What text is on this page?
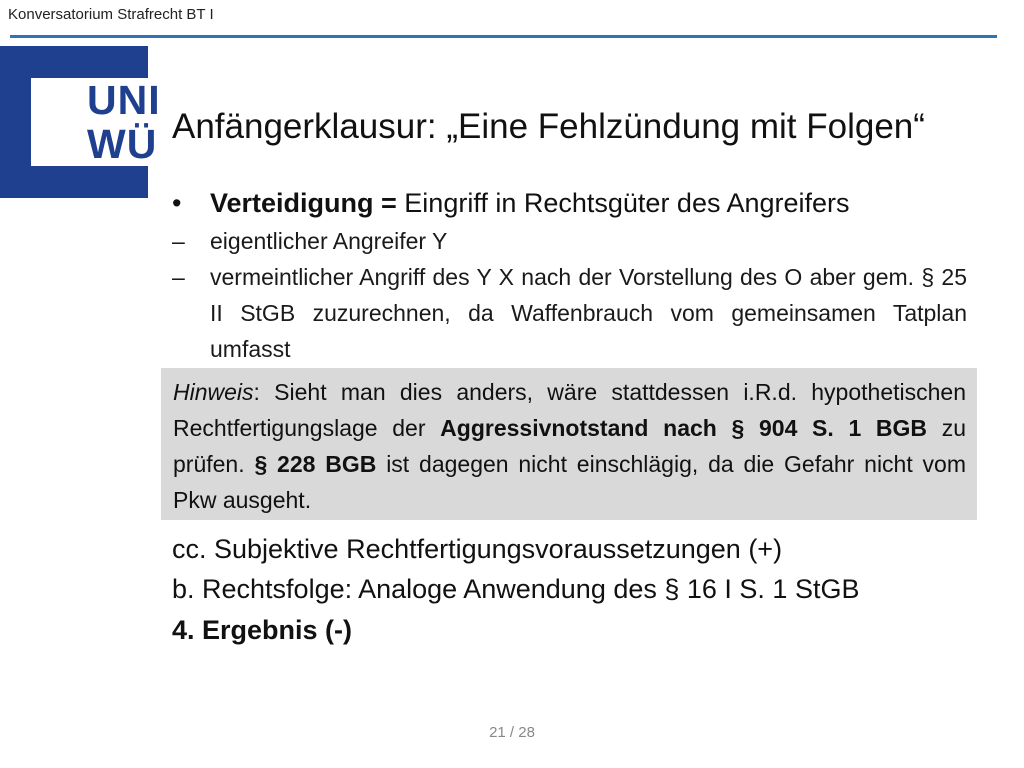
Konversatorium Strafrecht BT I
UNI
WÜ Anfängerklausur: „Eine Fehlzündung mit Folgen“
• Verteidigung = Eingriff in Rechtsgüter des Angreifers
–	eigentlicher Angreifer Y
–	vermeintlicher Angriff des Y X nach der Vorstellung des O aber gem. § 25 II StGB zuzurechnen, da Waffenbrauch vom gemeinsamen Tatplan umfasst
Hinweis: Sieht man dies anders, wäre stattdessen i.R.d. hypothetischen Rechtfertigungslage der Aggressivnotstand nach § 904 S. 1 BGB zu prüfen. § 228 BGB ist dagegen nicht einschlägig, da die Gefahr nicht vom Pkw ausgeht.
cc. Subjektive Rechtfertigungsvoraussetzungen (+)
b. Rechtsfolge: Analoge Anwendung des § 16 I S. 1 StGB
4. Ergebnis (-)
21 / 28
